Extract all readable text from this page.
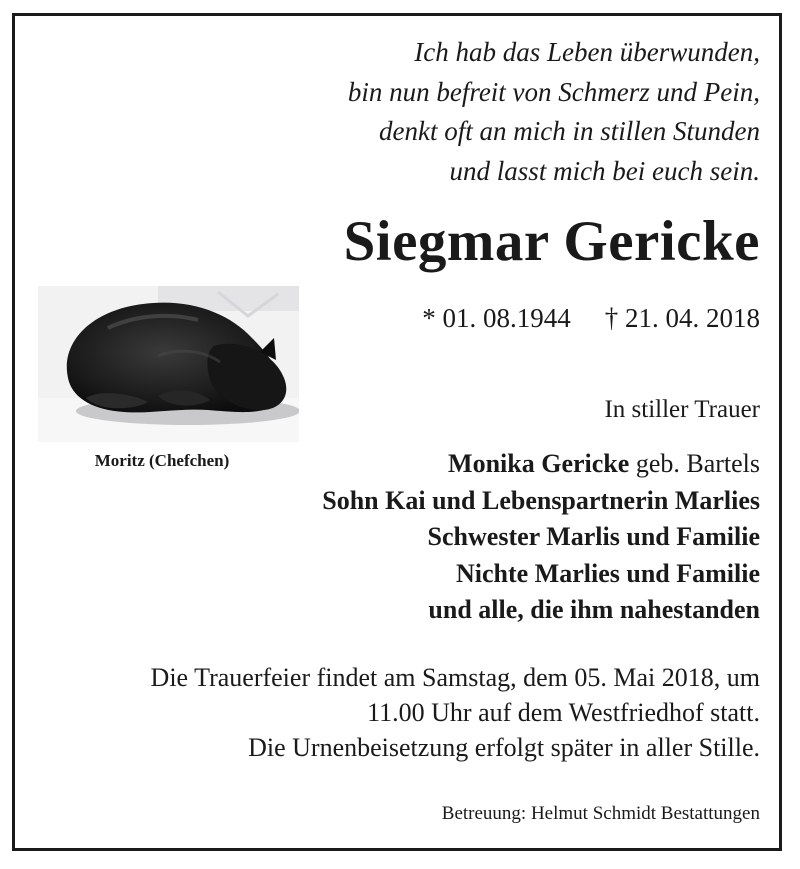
Ich hab das Leben überwunden,
bin nun befreit von Schmerz und Pein,
denkt oft an mich in stillen Stunden
und lasst mich bei euch sein.
Siegmar Gericke
* 01. 08.1944 † 21. 04. 2018
Moritz (Chefchen)
In stiller Trauer
Monika Gericke geb. Bartels
Sohn Kai und Lebenspartnerin Marlies
Schwester Marlis und Familie
Nichte Marlies und Familie
und alle, die ihm nahestanden
Die Trauerfeier findet am Samstag, dem 05. Mai 2018, um
11.00 Uhr auf dem Westfriedhof statt.
Die Urnenbeisetzung erfolgt später in aller Stille.
Betreuung: Helmut Schmidt Bestattungen
